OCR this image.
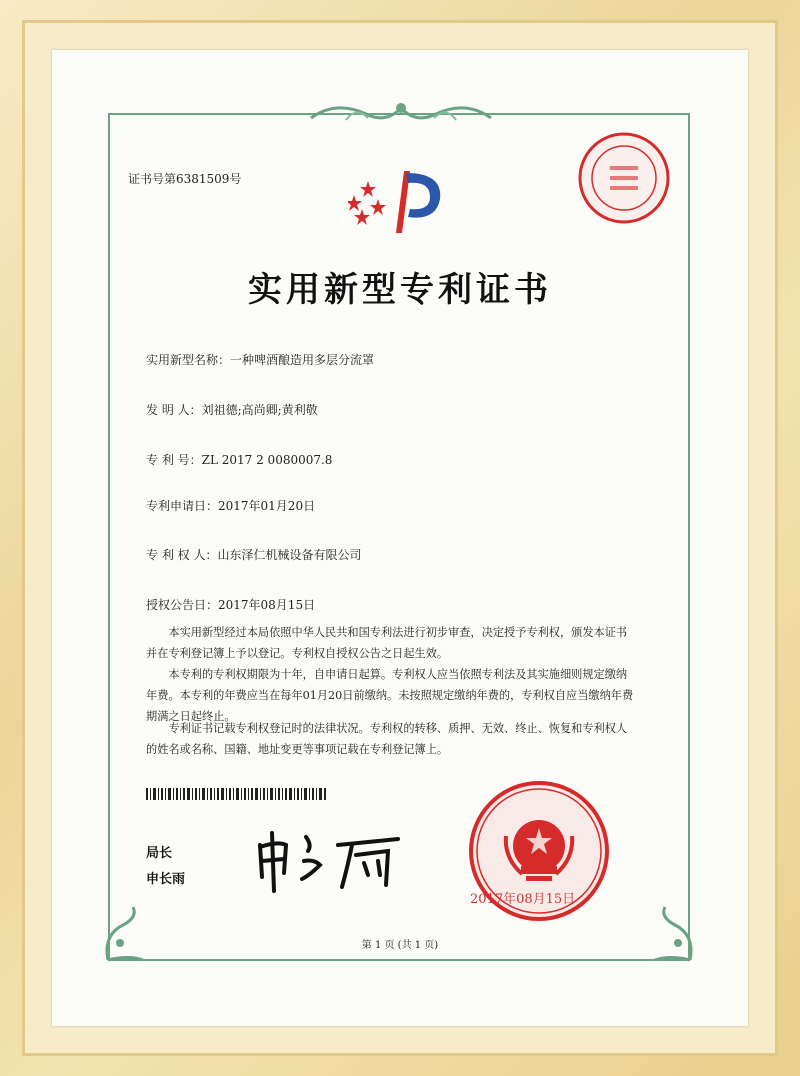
证书号第6381509号
实用新型专利证书
实用新型名称：一种啤酒酿造用多层分流罩
发 明 人：刘祖德;高尚卿;黄利敬
专 利 号：ZL 2017 2 0080007.8
专利申请日：2017年01月20日
专 利 权 人：山东泽仁机械设备有限公司
授权公告日：2017年08月15日
本实用新型经过本局依照中华人民共和国专利法进行初步审查，决定授予专利权，颁发本证书并在专利登记簿上予以登记。专利权自授权公告之日起生效。
本专利的专利权期限为十年，自申请日起算。专利权人应当依照专利法及其实施细则规定缴纳年费。本专利的年费应当在每年01月20日前缴纳。未按照规定缴纳年费的，专利权自应当缴纳年费期满之日起终止。
专利证书记载专利权登记时的法律状况。专利权的转移、质押、无效、终止、恢复和专利权人的姓名或名称、国籍、地址变更等事项记载在专利登记簿上。
局长
申长雨
2017年08月15日
第 1 页 (共 1 页)
